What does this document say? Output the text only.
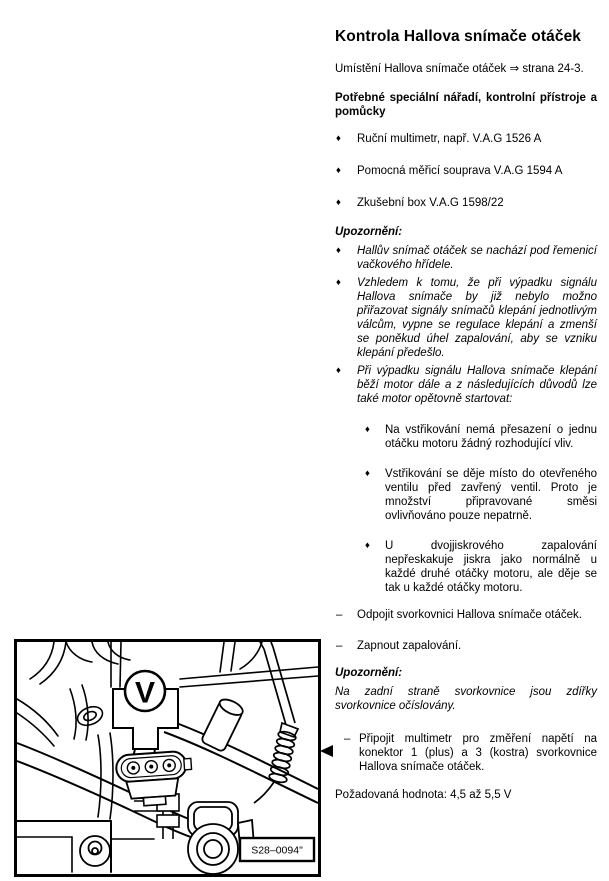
Kontrola Hallova snímače otáček

Umístění Hallova snímače otáček ⇒ strana 24-3.

Potřebné speciální nářadí, kontrolní přístroje a pomůcky

♦ Ruční multimetr, např. V.A.G 1526 A
♦ Pomocná měřicí souprava V.A.G 1594 A
♦ Zkušební box V.A.G 1598/22

Upozornění:

♦ Hallův snímač otáček se nachází pod řemenicí vačkového hřídele.
♦ Vzhledem k tomu, že při výpadku signálu Hallova snímače by již nebylo možno přiřazovat signály snímačů klepání jednotlivým válcům, vypne se regulace klepání a zmenší se poněkud úhel zapalování, aby se vzniku klepání předešlo.
♦ Při výpadku signálu Hallova snímače klepání běží motor dále a z následujících důvodů lze také motor opětovně startovat:
♦ Na vstřikování nemá přesazení o jednu otáčku motoru žádný rozhodující vliv.
♦ Vstřikování se děje místo do otevřeného ventilu před zavřený ventil. Proto je množství připravované směsi ovlivňováno pouze nepatrně.
♦ U dvojjiskrového zapalování nepřeskakuje jiskra jako normálně u každé druhé otáčky motoru, ale děje se tak u každé otáčky motoru.
– Odpojit svorkovnici Hallova snímače otáček.
– Zapnout zapalování.

Upozornění:

Na zadní straně svorkovnice jsou zdířky svorkovnice očíslovány.

– Připojit multimetr pro změření napětí na konektor 1 (plus) a 3 (kostra) svorkovnice Hallova snímače otáček.

Požadovaná hodnota: 4,5 až 5,5 V

V
S28–0094"
